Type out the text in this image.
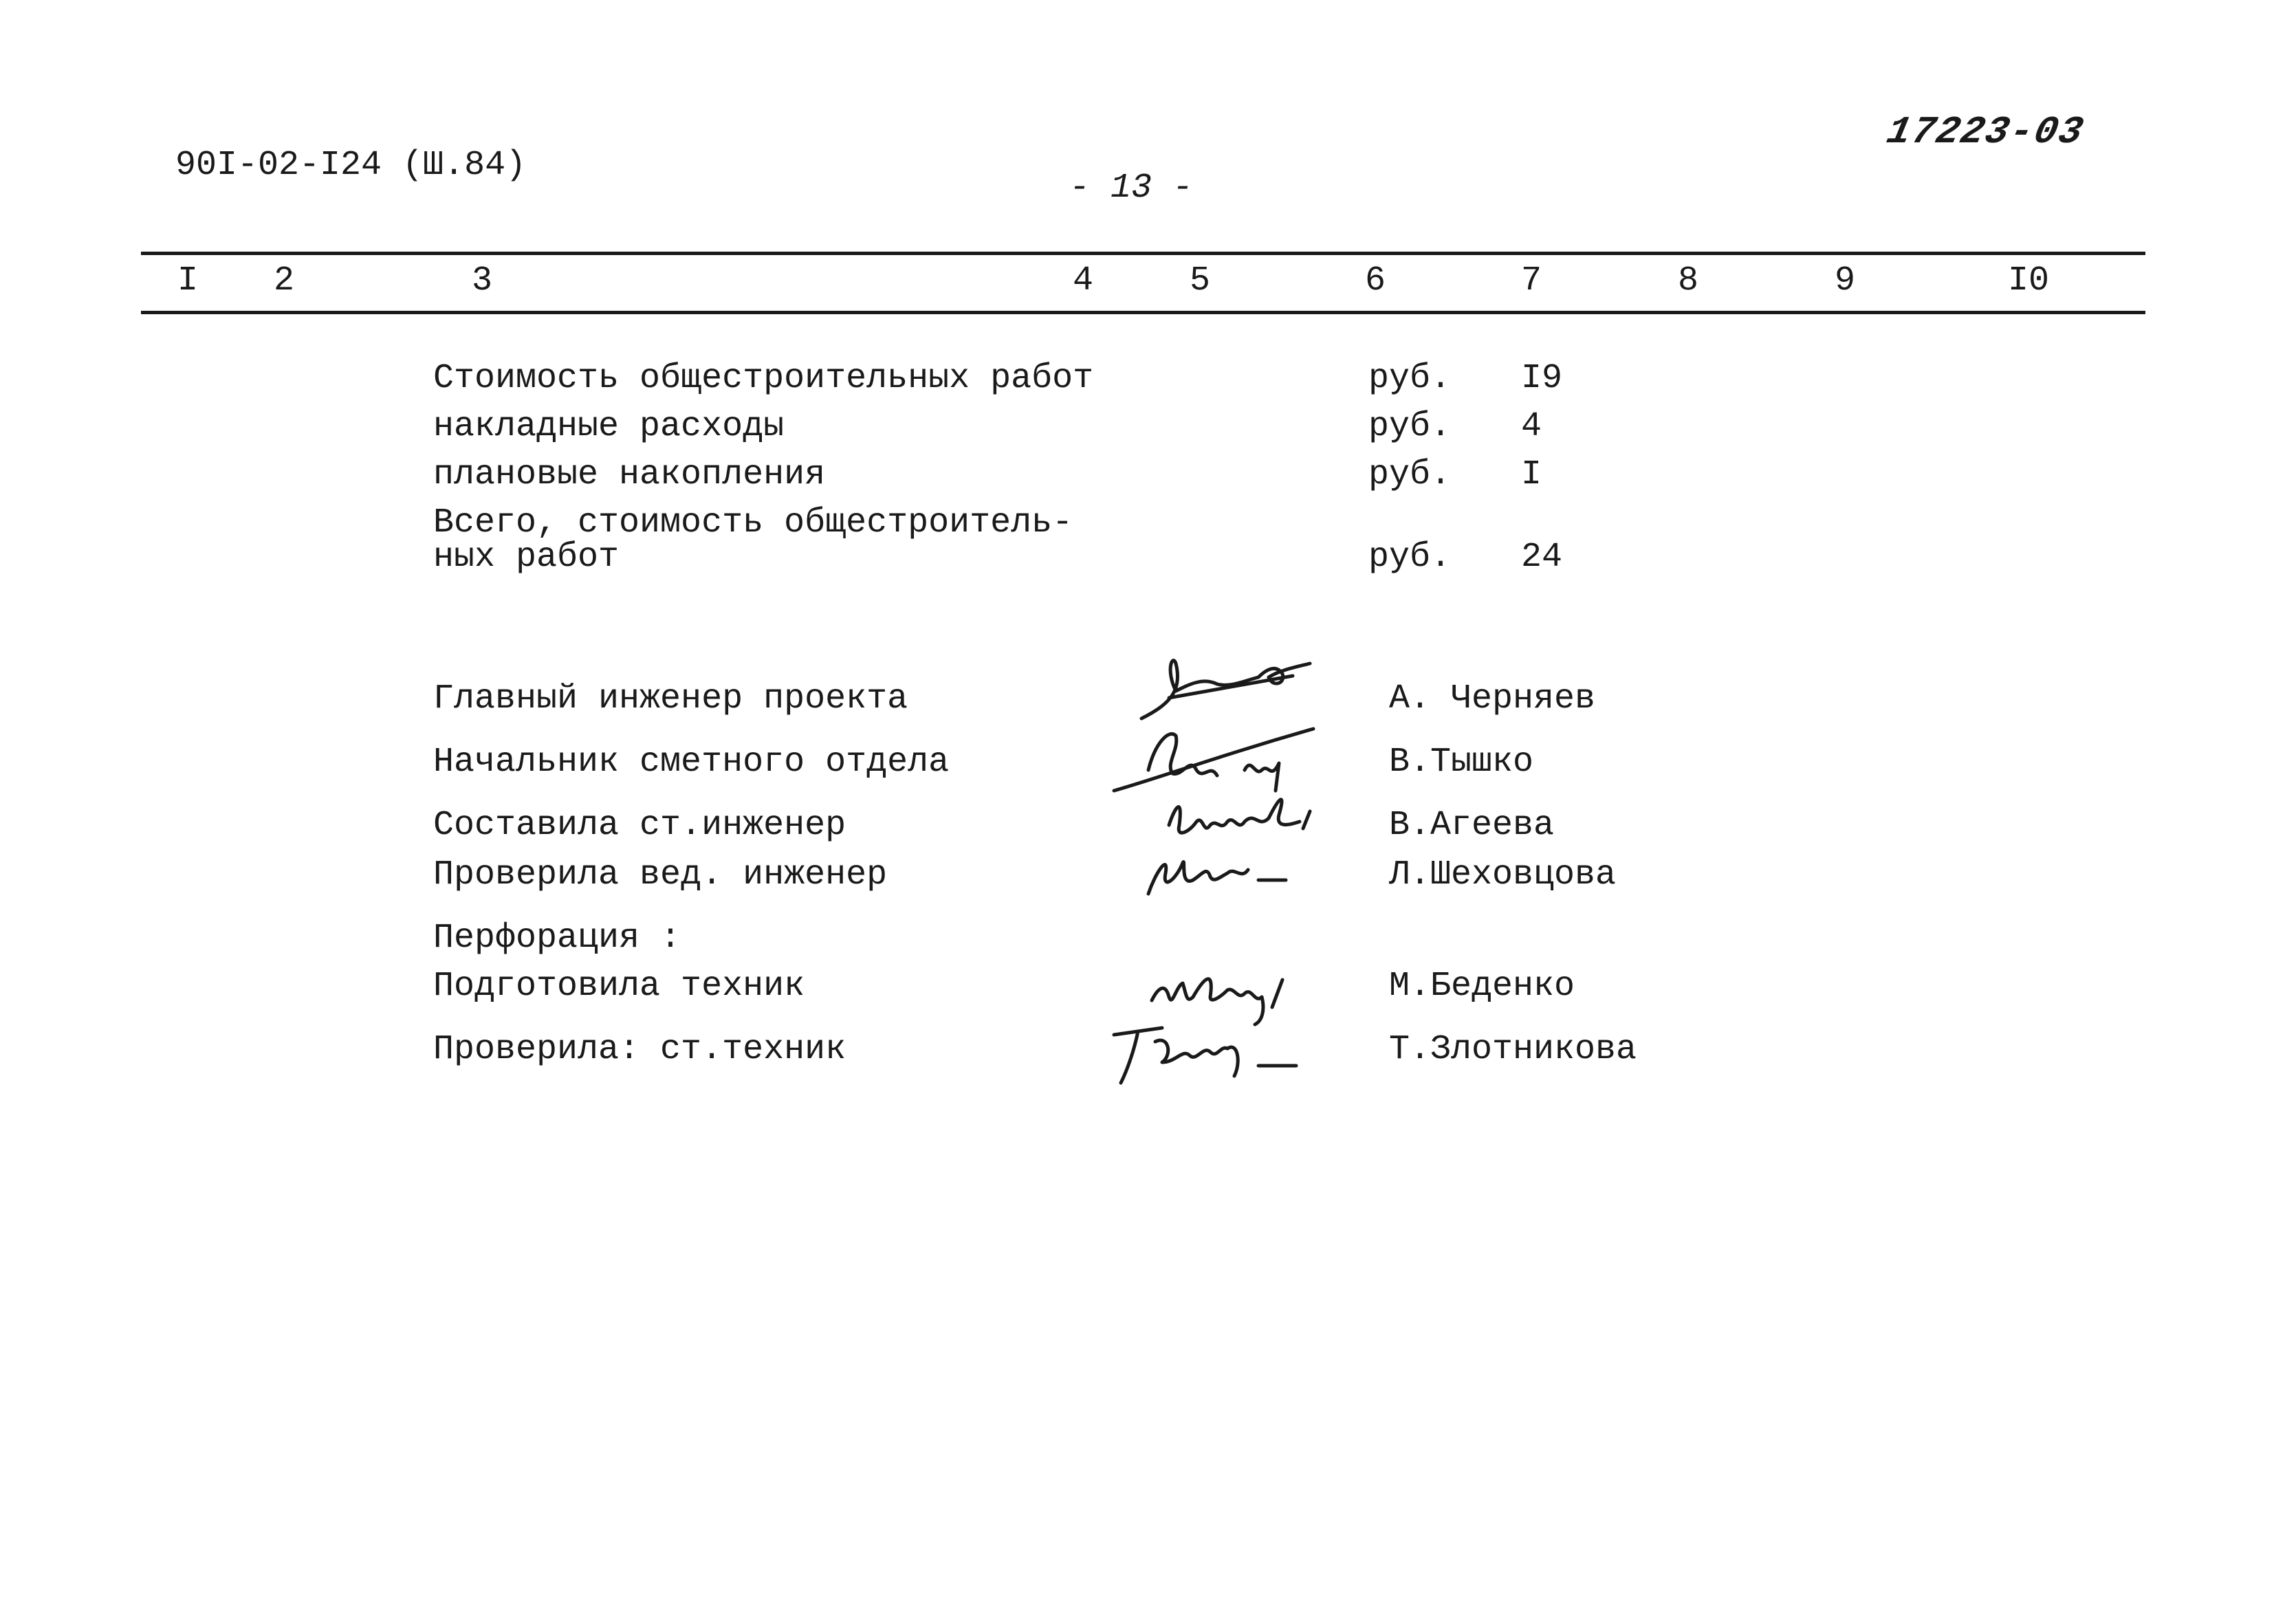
90I-02-I24 (Ш.84)
- 13 -
17223-03
I 2	3	4	5	6	7	8	9	I0
Стоимость общестроительных работ	руб. I9
накладные расходы	руб. 4
плановые накопления	руб. I
Всего, стоимость общестроитель-
ных работ	руб. 24
Главный инженер проекта	А. Черняев
Начальник сметного отдела	В.Тышко
Составила ст.инженер	В.Агеева
Проверила вед. инженер	Л.Шеховцова
Перфорация :
Подготовила техник	М.Беденко
Проверила: ст.техник	Т.Злотникова
